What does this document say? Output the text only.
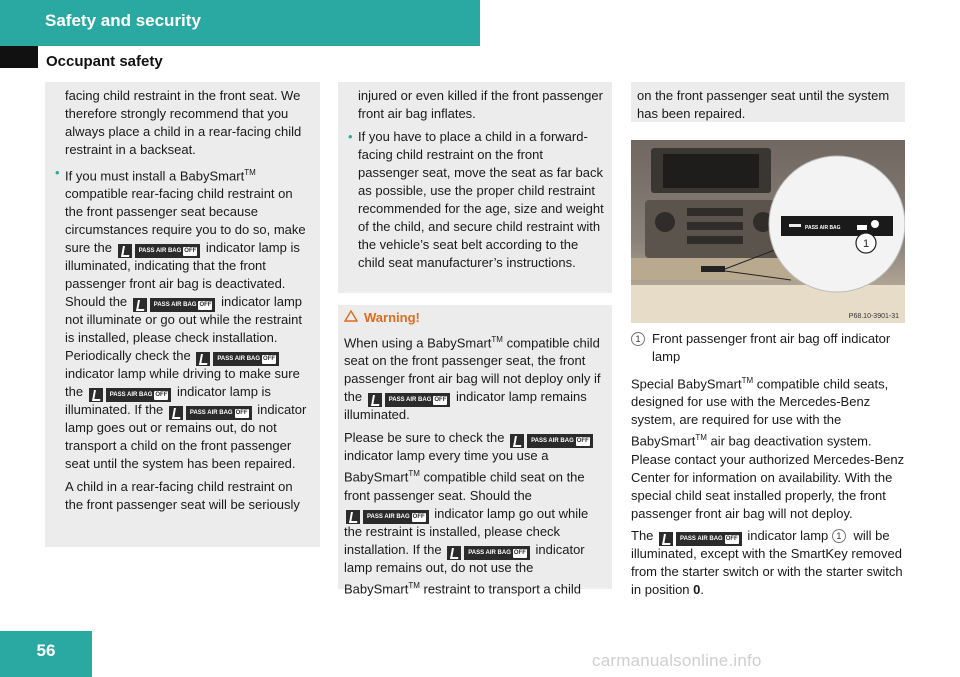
Safety and security
Occupant safety

facing child restraint in the front seat. We therefore strongly recommend that you always place a child in a rear-facing child restraint in a backseat.

•
If you must install a BabySmart™ compatible rear-facing child restraint on the front passenger seat because circumstances require you to do so, make sure the	PASS AIR BAG OFF indicator lamp is illuminated, indicating that the front passenger front air bag is deactivated. Should the	PASS AIR BAG OFF indicator lamp not illuminate or go out while the restraint is installed, please check installation. Periodically check the	PASS AIR BAG OFF indicator lamp while driving to make sure the	PASS AIR BAG OFF indicator lamp is illuminated. If the	PASS AIR BAG OFF indicator lamp goes out or remains out, do not transport a child on the front passenger seat until the system has been repaired.

A child in a rear-facing child restraint on the front passenger seat will be seriously

injured or even killed if the front passenger front air bag inflates.

•
If you have to place a child in a forward-facing child restraint on the front passenger seat, move the seat as far back as possible, use the proper child restraint recommended for the age, size and weight of the child, and secure child restraint with the vehicle’s seat belt according to the child seat manufacturer’s instructions.
Warning!

When using a BabySmart™ compatible child seat on the front passenger seat, the front passenger front air bag will not deploy only if the	PASS AIR BAG OFF indicator lamp remains illuminated.

Please be sure to check the	PASS AIR BAG OFF indicator lamp every time you use a BabySmart™ compatible child seat on the front passenger seat. Should the PASS AIR BAG OFF indicator lamp go out while the restraint is installed, please check installation. If the	PASS AIR BAG OFF indicator lamp remains out, do not use the BabySmart™ restraint to transport a child

on the front passenger seat until the system has been repaired.

PASS AIR BAG
1
P68.10-3901-31
1 Front passenger front air bag off indicator lamp

Special BabySmart™ compatible child seats, designed for use with the Mercedes-Benz system, are required for use with the BabySmart™ air bag deactivation system. Please contact your authorized Mercedes-Benz Center for information on availability. With the special child seat installed properly, the front passenger front air bag will not deploy.

The	PASS AIR BAG OFF indicator lamp 1 will be illuminated, except with the SmartKey removed from the starter switch or with the starter switch in position 0.

56
carmanualsonline.info
